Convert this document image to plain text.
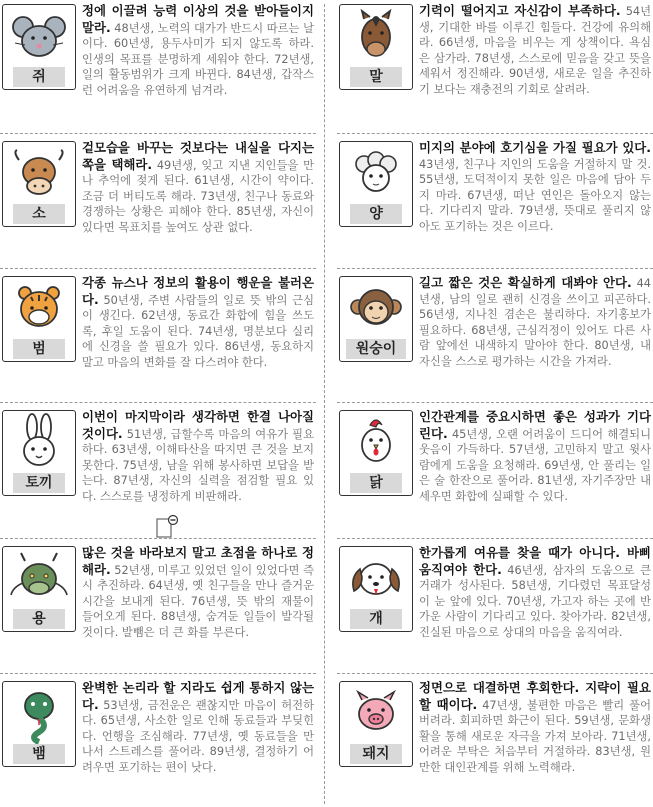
쥐

정에 이끌려 능력 이상의 것을 받아들이지 말라. 48년생, 노력의 대가가 반드시 따르는 날이다. 60년생, 용두사미가 되지 않도록 하라. 인생의 목표를 분명하게 세워야 한다. 72년생, 일의 활동범위가 크게 바뀐다. 84년생, 갑작스런 어려움을 유연하게 넘겨라.

소

겉모습을 바꾸는 것보다는 내실을 다지는 쪽을 택해라. 49년생, 잊고 지낸 지인들을 만나 추억에 젖게 된다. 61년생, 시간이 약이다. 조금 더 버티도록 해라. 73년생, 친구나 동료와 경쟁하는 상황은 피해야 한다. 85년생, 자신이 있다면 목표치를 높여도 상관 없다.

범

각종 뉴스나 정보의 활용이 행운을 불러온다. 50년생, 주변 사람들의 일로 뜻 밖의 근심이 생긴다. 62년생, 동료간 화합에 힘을 쓰도록, 후일 도움이 된다. 74년생, 명분보다 실리에 신경을 쓸 필요가 있다. 86년생, 동요하지 말고 마음의 변화를 잘 다스려야 한다.

토끼

이번이 마지막이라 생각하면 한결 나아질 것이다. 51년생, 급할수록 마음의 여유가 필요하다. 63년생, 이해타산을 따지면 큰 것을 보지 못한다. 75년생, 남을 위해 봉사하면 보답을 받는다. 87년생, 자신의 실력을 점검할 필요 있다. 스스로를 냉정하게 비판해라.

용

많은 것을 바라보지 말고 초점을 하나로 정해라. 52년생, 미루고 있었던 일이 있었다면 즉시 추진하라. 64년생, 옛 친구들을 만나 즐거운 시간을 보내게 된다. 76년생, 뜻 밖의 재물이 들어오게 된다. 88년생, 숨겨둔 일들이 발각될 것이다. 발뺌은 더 큰 화를 부른다.

뱀

완벽한 논리라 할 지라도 쉽게 통하지 않는다. 53년생, 금전운은 괜찮지만 마음이 허전하다. 65년생, 사소한 일로 인해 동료들과 부딪힌다. 언행을 조심해라. 77년생, 옛 동료들을 만나서 스트레스를 풀어라. 89년생, 결정하기 어려우면 포기하는 편이 낫다.

말

기력이 떨어지고 자신감이 부족하다. 54년생, 기대한 바를 이루긴 힘들다. 건강에 유의해라. 66년생, 마음을 비우는 게 상책이다. 욕심은 삼가라. 78년생, 스스로에 믿음을 갖고 뜻을 세워서 정진해라. 90년생, 새로운 일을 추진하기 보다는 재충전의 기회로 살려라.

양

미지의 분야에 호기심을 가질 필요가 있다. 43년생, 친구나 지인의 도움을 거절하지 말 것. 55년생, 도덕적이지 못한 일은 마음에 담아 두지 마라. 67년생, 떠난 연인은 돌아오지 않는다. 기다리지 말라. 79년생, 뜻대로 풀리지 않아도 포기하는 것은 이르다.

원숭이

길고 짧은 것은 확실하게 대봐야 안다. 44년생, 남의 일로 괜히 신경을 쓰이고 피곤하다. 56년생, 지나친 겸손은 불리하다. 자기홍보가 필요하다. 68년생, 근심걱정이 있어도 다른 사람 앞에선 내색하지 말아야 한다. 80년생, 내 자신을 스스로 평가하는 시간을 가져라.

닭

인간관계를 중요시하면 좋은 성과가 기다린다. 45년생, 오랜 어려움이 드디어 해결되니 웃음이 가득하다. 57년생, 고민하지 말고 윗사람에게 도움을 요청해라. 69년생, 안 풀리는 일은 술 한잔으로 풀어라. 81년생, 자기주장만 내세우면 화합에 실패할 수 있다.

개

한가롭게 여유를 찾을 때가 아니다. 바삐 움직여야 한다. 46년생, 삼자의 도움으로 큰 거래가 성사된다. 58년생, 기다렸던 목표달성이 눈 앞에 있다. 70년생, 가고자 하는 곳에 반가운 사람이 기다리고 있다. 찾아가라. 82년생, 진실된 마음으로 상대의 마음을 움직여라.

돼지

정면으로 대결하면 후회한다. 지략이 필요할 때이다. 47년생, 불편한 마음은 빨리 풀어버려라. 회피하면 화근이 된다. 59년생, 문화생활을 통해 새로운 자극을 가져 보아라. 71년생, 어려운 부탁은 처음부터 거절하라. 83년생, 원만한 대인관계를 위해 노력해라.
